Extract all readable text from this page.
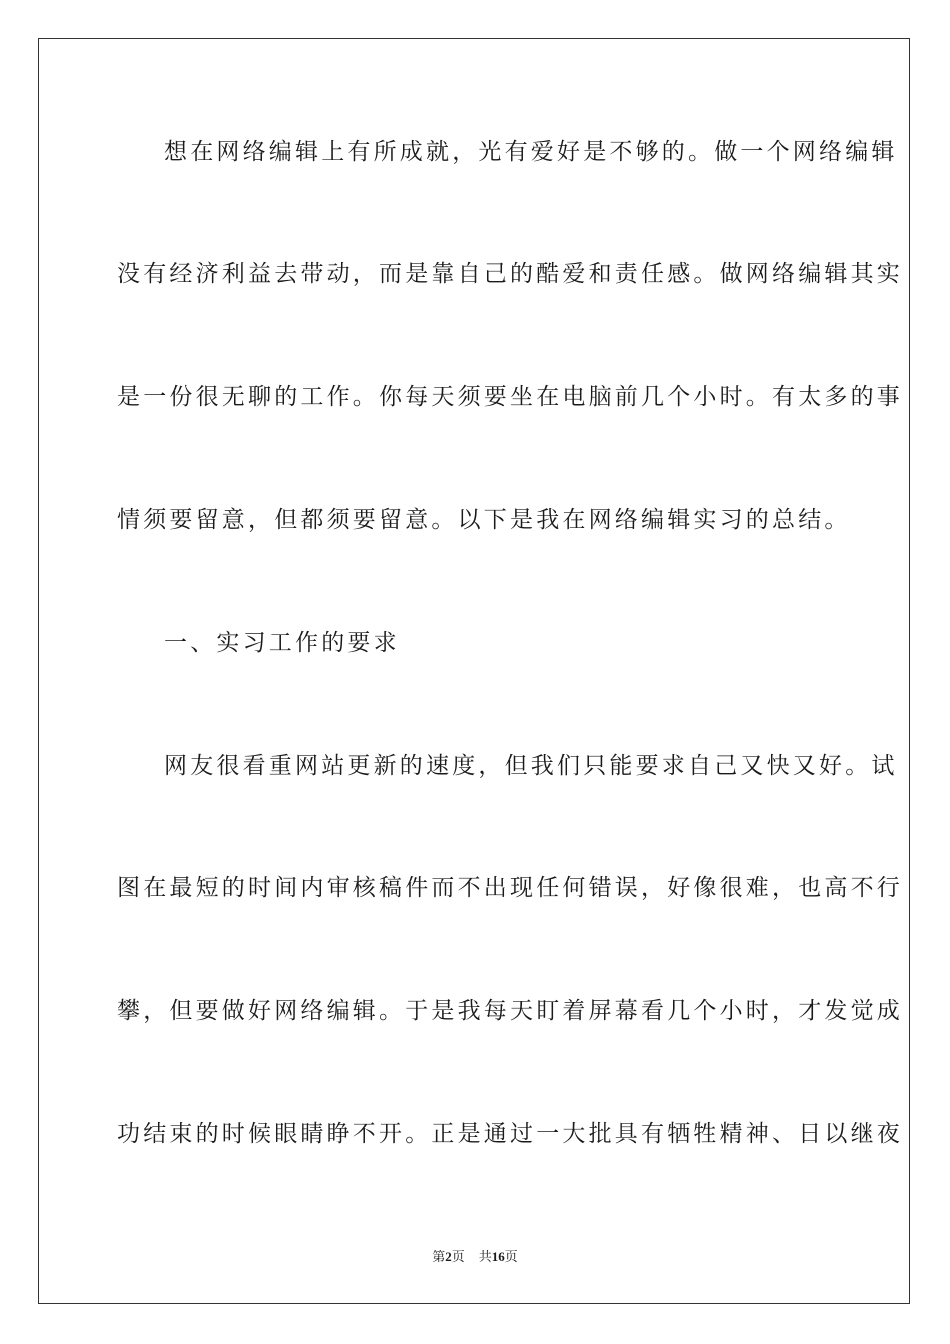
想在网络编辑上有所成就，光有爱好是不够的。做一个网络编辑
没有经济利益去带动，而是靠自己的酷爱和责任感。做网络编辑其实
是一份很无聊的工作。你每天须要坐在电脑前几个小时。有太多的事
情须要留意，但都须要留意。以下是我在网络编辑实习的总结。
一、实习工作的要求
网友很看重网站更新的速度，但我们只能要求自己又快又好。试
图在最短的时间内审核稿件而不出现任何错误，好像很难，也高不行
攀，但要做好网络编辑。于是我每天盯着屏幕看几个小时，才发觉成
功结束的时候眼睛睁不开。正是通过一大批具有牺牲精神、日以继夜
第2页 共16页
